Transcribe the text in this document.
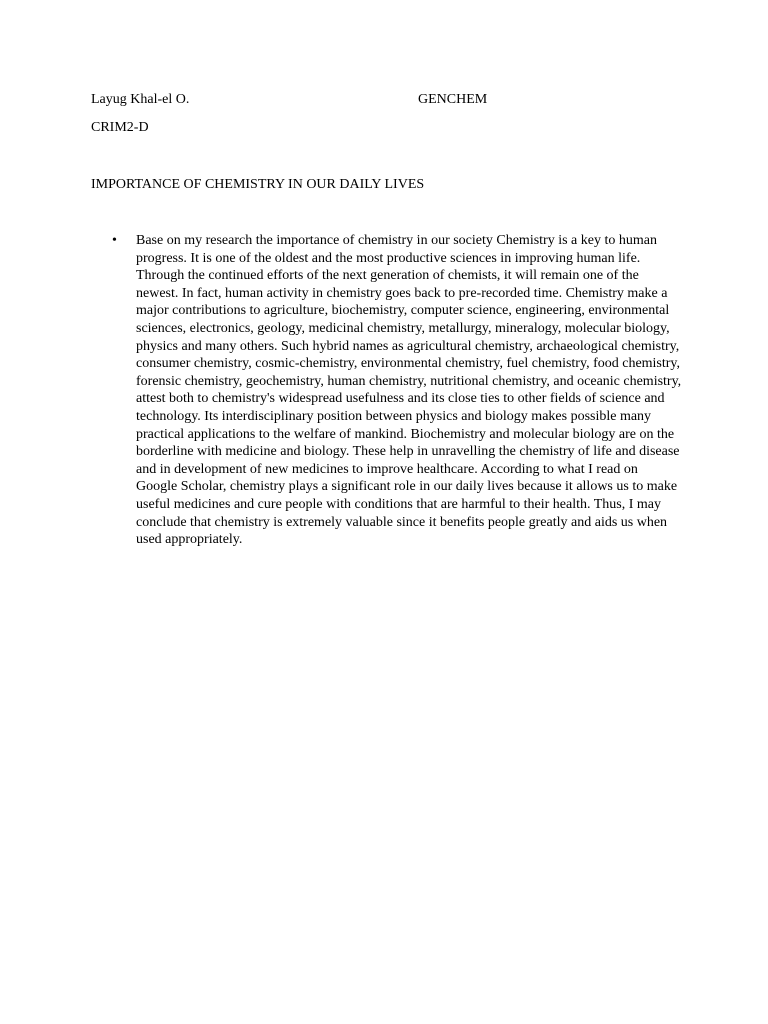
Layug Khal-el O.	GENCHEM
CRIM2-D
IMPORTANCE OF CHEMISTRY IN OUR DAILY LIVES
• Base on my research the importance of chemistry in our society Chemistry is a key to human progress. It is one of the oldest and the most productive sciences in improving human life. Through the continued efforts of the next generation of chemists, it will remain one of the newest. In fact, human activity in chemistry goes back to pre-recorded time. Chemistry make a major contributions to agriculture, biochemistry, computer science, engineering, environmental sciences, electronics, geology, medicinal chemistry, metallurgy, mineralogy, molecular biology, physics and many others. Such hybrid names as agricultural chemistry, archaeological chemistry, consumer chemistry, cosmic-chemistry, environmental chemistry, fuel chemistry, food chemistry, forensic chemistry, geochemistry, human chemistry, nutritional chemistry, and oceanic chemistry, attest both to chemistry's widespread usefulness and its close ties to other fields of science and technology. Its interdisciplinary position between physics and biology makes possible many practical applications to the welfare of mankind. Biochemistry and molecular biology are on the borderline with medicine and biology. These help in unravelling the chemistry of life and disease and in development of new medicines to improve healthcare. According to what I read on Google Scholar, chemistry plays a significant role in our daily lives because it allows us to make useful medicines and cure people with conditions that are harmful to their health. Thus, I may conclude that chemistry is extremely valuable since it benefits people greatly and aids us when used appropriately.
